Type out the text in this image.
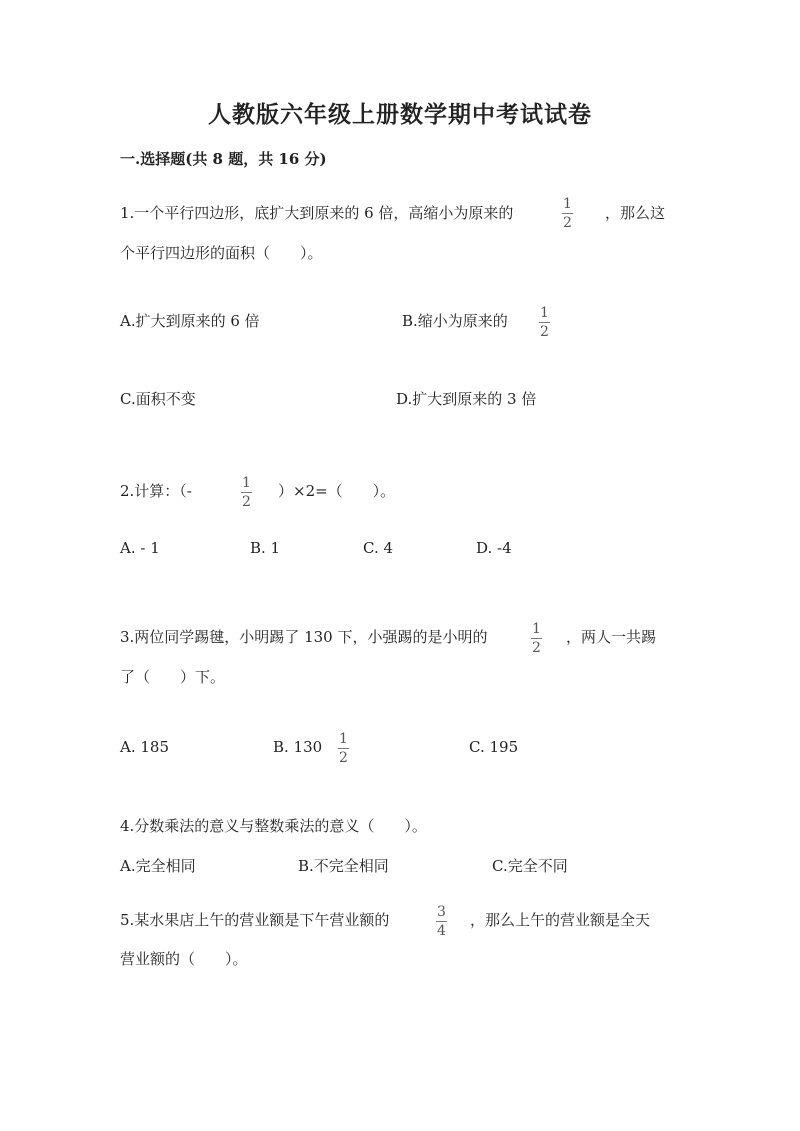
人教版六年级上册数学期中考试试卷
一.选择题(共 8 题，共 16 分)
1.一个平行四边形，底扩大到原来的 6 倍，高缩小为原来的	1
2
，那么这
个平行四边形的面积（　　）。
A.扩大到原来的 6 倍	B.缩小为原来的 1
2
C.面积不变	D.扩大到原来的 3 倍
2.计算：（-	1
2
）×2=（　　）。
A. - 1	B. 1	C. 4	D. -4
3.两位同学踢毽，小明踢了 130 下，小强踢的是小明的	1
2
，两人一共踢
了（　　）下。
A. 185	B. 130 1
2
C. 195
4.分数乘法的意义与整数乘法的意义（　　）。
A.完全相同	B.不完全相同	C.完全不同
5.某水果店上午的营业额是下午营业额的	3
4
，那么上午的营业额是全天
营业额的（　　）。
